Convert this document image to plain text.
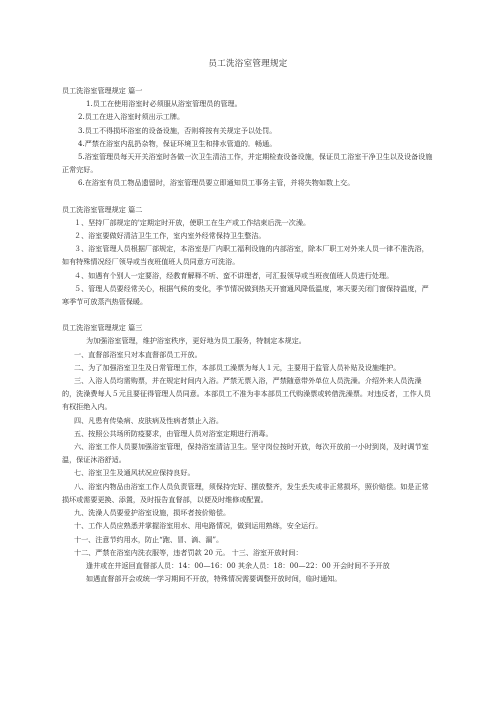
员工洗浴室管理规定

员工洗浴室管理规定 篇一

1.员工在使用浴室时必须服从浴室管理员的管理。

2.员工在进入浴室时须出示工牌。

3.员工不得损坏浴室的设备设施，否则将按有关规定予以处罚。

4.严禁在浴室内乱扔杂物，保证环境卫生和排水管道的．畅通。

5.浴室管理员每天开关浴室时各做一次卫生清洁工作，并定期检查设备设施，保证员工浴室干净卫生以及设备设施正常完好。

6.在浴室有员工物品遗留时，浴室管理员要立即通知员工事务主管，并将失物如数上交。

员工洗浴室管理规定 篇二

１、坚持厂部规定的'定期定时开放，使职工在生产或工作结束后洗一次澡。

２、浴室要做好清洁卫生工作，室内室外经常保持卫生整洁。

３、浴室管理人员根据厂部规定，本浴室是厂内职工福利设施的内部浴室，除本厂职工对外来人员一律不准洗浴，如有特殊情况经厂领导或当夜班值班人员同意方可洗浴。

４、如遇有个别人一定要浴，经教育解释不听、蛮不讲理者，可汇报领导或当班夜值班人员进行处理。

５、管理人员要经常关心，根据气候的变化，季节情况做到热天开窗通风降低温度，寒天要关闭门窗保持温度，严寒季节可放蒸汽热管保暖。

员工洗浴室管理规定 篇三

为加强浴室管理，维护浴室秩序，更好地为员工服务，特制定本规定。

一、直督部浴室只对本直督部员工开放。

二、为了加强浴室卫生及日常管理工作，本部员工澡票为每人１元，主要用于监管人员补贴及设施维护。

三、入浴人员均需购票，并在规定时间内入浴。严禁无票入浴，严禁随意带外单位人员洗澡。介绍外来人员洗澡的，洗澡费每人５元且要征得管理人员同意。本部员工不准为非本部员工代购澡票或转借洗澡票。对违反者，工作人员有权拒绝入内。

四、凡患有传染病、皮肤病及性病者禁止入浴。

五、按照公共场所防疫要求，由管理人员对浴室定期进行消毒。

六、浴室工作人员要加强浴室管理，保持浴室清洁卫生。坚守岗位按时开放，每次开放前一小时到岗，及时调节室温，保证沐浴舒适。

七、浴室卫生及通风状况应保持良好。

八、浴室内物品由浴室工作人员负责管理，须保持完好、摆放整齐，发生丢失或非正常损坏，照价赔偿。如是正常损坏或需要更换、添置，及时报告直督部，以便及时维修或配置。

九、洗澡人员要爱护浴室设施，损坏者按价赔偿。

十、工作人员应熟悉并掌握浴室用水、用电路情况，做到运用熟练，安全运行。

十一、注意节约用水，防止“跑、冒、滴、漏”。

十二、严禁在浴室内洗衣服等，违者罚款 20 元。 十三、浴室开放时间：

逢井或在井返回直督部人员：14：00—16：00 其余人员：18：00—22：00 开会时间不予开放

如遇直督部开会或统一学习期间不开放，特殊情况需要调整开放时间，临时通知。
